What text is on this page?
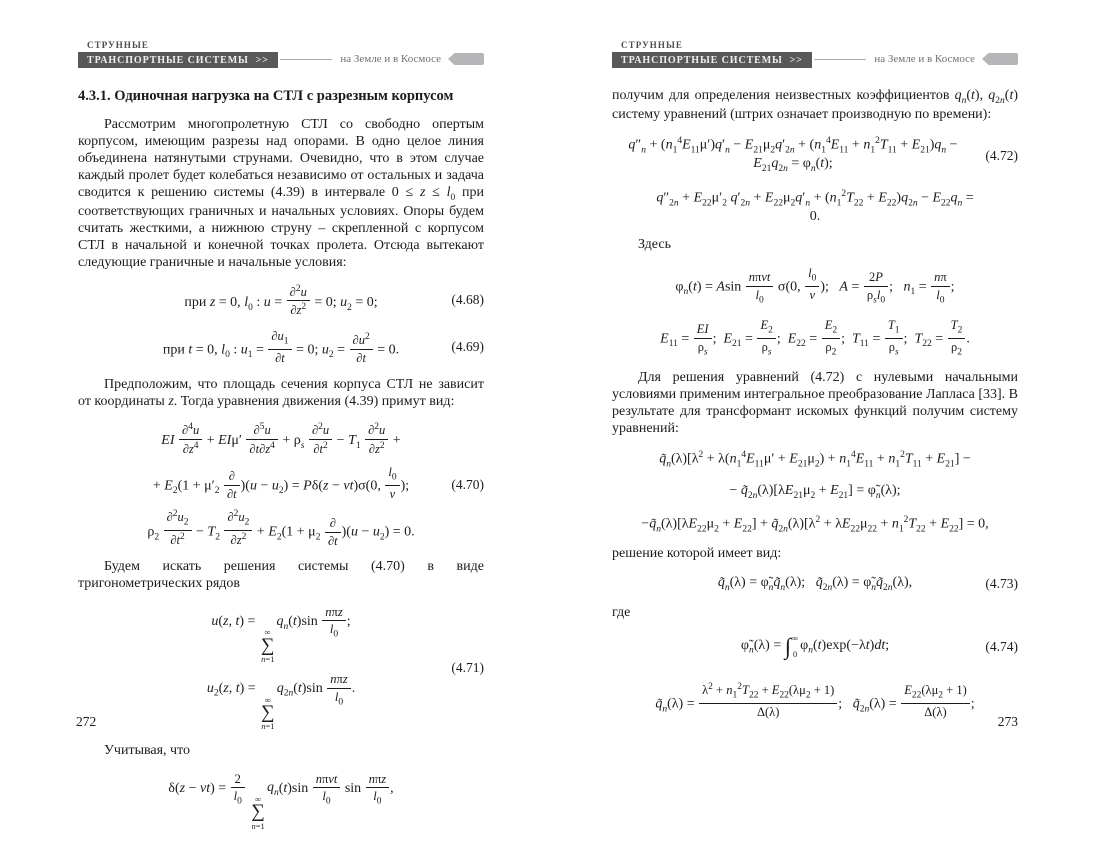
СТРУННЫЕ
ТРАНСПОРТНЫЕ СИСТЕМЫ  >>	на Земле и в Космосе
4.3.1. Одиночная нагрузка на СТЛ с разрезным корпусом

Рассмотрим многопролетную СТЛ со свободно опертым корпусом, имеющим разрезы над опорами. В одно целое линия объединена натянутыми струнами. Очевидно, что в этом случае каждый пролет будет колебаться независимо от остальных и задача сводится к решению системы (4.39) в интервале $0 \le z \le l_0$ при соответствующих граничных и начальных условиях. Опоры будем считать жесткими, а нижнюю струну – скрепленной с корпусом СТЛ в начальной и конечной точках пролета. Отсюда вытекают следующие граничные и начальные условия:

при z = 0, $l_0$ : $u = \frac{\partial^2u}{\partial z^2} = 0$; $u_2 = 0$;	(4.68)
при t = 0, $l_0$ : $u_1 = \frac{\partial u_1}{\partial t} = 0$; $u_2 = \frac{\partial u^2}{\partial t} = 0$.	(4.69)

Предположим, что площадь сечения корпуса СТЛ не зависит от координаты z. Тогда уравнения движения (4.39) примут вид:

EI $\frac{\partial^4u}{\partial z^4} + EI\mu' \frac{\partial^5u}{\partial t\partial z^4} + \rho_s \frac{\partial^2u}{\partial t^2} - T_1 \frac{\partial^2u}{\partial z^2}$ +
+ $E_2(1 + \mu'_2$
∂
∂t
)$(u - u_2) = P\delta(z - vt)\sigma(0$, $\frac{l_0}{v}$ );
$\rho_2 \frac{\partial^2u_2}{\partial t^2} - T_2 \frac{\partial^2u_2}{\partial z^2} + E_2(1 + \mu_2$
∂
∂t
)$(u - u_2) = 0$.
(4.70)

Будем искать решения системы (4.70) в виде тригонометрических рядов

u(z, t) =
∞
∑
n=1
$q_n(t)\sin$
nπz
$l_0$
;
$u_2(z$, t) =
∞
∑
n=1
$q_{2n}(t)\sin$
nπz
$l_0$
.
(4.71)

Учитывая, что

$\delta(z - vt) = \frac{2}{l_0}$
∞
∑
n=1
$q_n(t)\sin$
nπvt
$l_0$
sin
nπz
$l_0$
,
СТРУННЫЕ
ТРАНСПОРТНЫЕ СИСТЕМЫ  >>	на Земле и в Космосе

получим для определения неизвестных коэффициентов $q_n(t)$, $q_{2n}(t)$ систему уравнений (штрих означает производную по времени):

$q''_n + (n_1^4E_{11}\mu')q'_n - E_{21}\mu_2q'_{2n} + (n_1^4E_{11} + n_1^2T_{11} + E_{21})q_n - E_{21}q_{2n} = \varphi_n(t)$;
$q''_{2n} + E_{22}\mu'_2$ $q'_{2n} + E_{22}\mu_2q'_n + (n_1^2T_{22} + E_{22})q_{2n} - E_{22}q_n = 0$.
(4.72)

Здесь

$\varphi_n(t) = Asin$
nπvt
$l_0$
σ(0, $\frac{l_0}{v}$ );   A =
2P
$\rho_sl_0$
;   $n_1 = \frac{n\pi}{l_0}$ ;
$E_{11} = \frac{EI}{\rho_s}$ ;  $E_{21} = \frac{E_2}{\rho_s}$ ;  $E_{22} = \frac{E_2}{\rho_2}$ ;  $T_{11} = \frac{T_1}{\rho_s}$ ;  $T_{22} = \frac{T_2}{\rho_2}$ .

Для решения уравнений (4.72) с нулевыми начальными условиями применим интегральное преобразование Лапласа [33]. В результате для трансформант искомых функций получим систему уравнений:

$q̃_n(\lambda)[\lambda^2 + \lambda(n_1^4E_{11}\mu' + E_{21}\mu_2) + n_1^4E_{11} + n_1^2T_{11} + E_{21}]$ −
− $q̃_{2n}(\lambda)[\lambda E_{21}\mu_2 + E_{21}]$ = $\varphĩ_n(\lambda)$;
$-q̃_n(\lambda)[\lambda E_{22}\mu_2 + E_{22}]$ + $q̃_{2n}(\lambda)[\lambda^2 + \lambda E_{22}\mu_{22} + n_1^2T_{22} + E_{22}] = 0$,

решение которой имеет вид:

$q̃_n(\lambda)$ = $\varphĩ_nq̃_n(\lambda)$;   $q̃_{2n}(\lambda)$ = $\varphĩ_nq̃_{2n}(\lambda)$,	(4.73)

где

$\varphĩ_n(\lambda)$ = ∫ ∞
0
$\varphi_n(t)\exp(-\lambda t)dt$;	(4.74)
$q̃_n(\lambda) = \frac{\lambda^2 + n_1^2T_{22} + E_{22}(\lambda\mu_2 + 1)}{\Delta(\lambda)}$ ;   $q̃_{2n}(\lambda) = \frac{E_{22}(\lambda\mu_2 + 1)}{\Delta(\lambda)}$ ;
272	273
